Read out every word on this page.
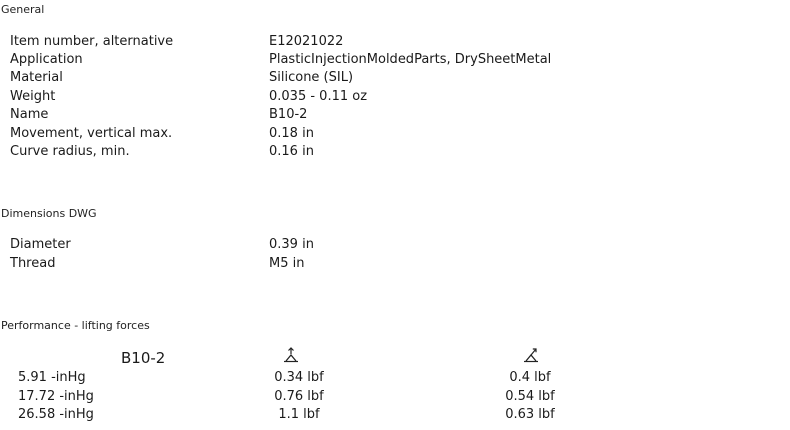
General
Item number, alternative	E12021022
Application	PlasticInjectionMoldedParts, DrySheetMetal
Material	Silicone (SIL)
Weight	0.035 - 0.11 oz
Name	B10-2
Movement, vertical max.	0.18 in
Curve radius, min.	0.16 in
Dimensions DWG
Diameter	0.39 in
Thread	M5 in
Performance - lifting forces
B10-2
5.91 -inHg	0.34 lbf	0.4 lbf
17.72 -inHg	0.76 lbf	0.54 lbf
26.58 -inHg	1.1 lbf	0.63 lbf
